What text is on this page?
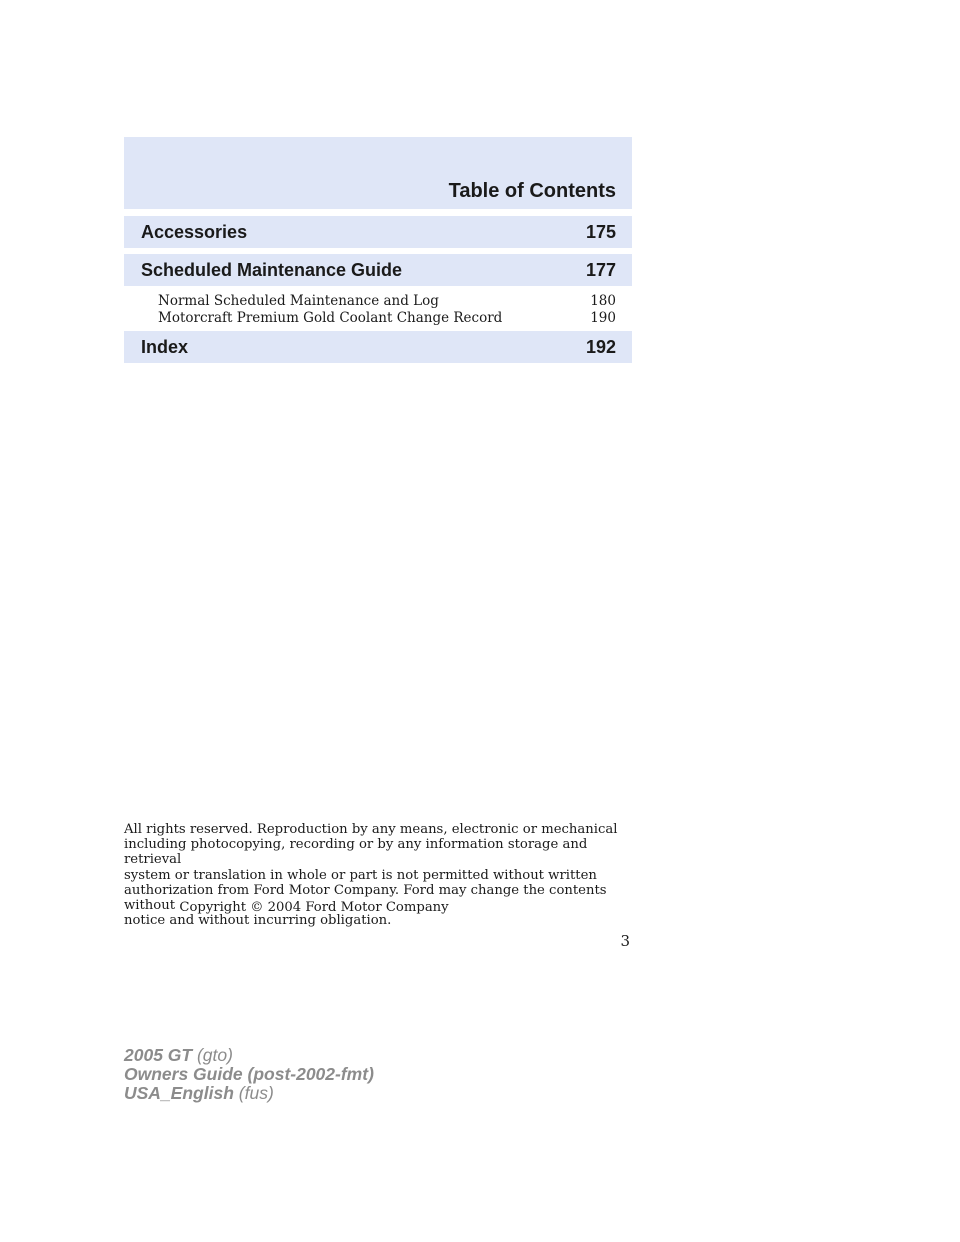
Table of Contents
Accessories	175
Scheduled Maintenance Guide	177
Normal Scheduled Maintenance and Log	180
Motorcraft Premium Gold Coolant Change Record	190
Index	192
All rights reserved. Reproduction by any means, electronic or mechanical
including photocopying, recording or by any information storage and retrieval
system or translation in whole or part is not permitted without written
authorization from Ford Motor Company. Ford may change the contents without
notice and without incurring obligation.
Copyright © 2004 Ford Motor Company
3
2005 GT (gto)
Owners Guide (post-2002-fmt)
USA_English (fus)
